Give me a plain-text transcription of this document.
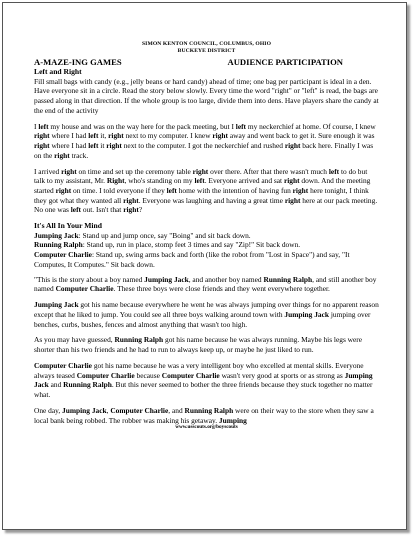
SIMON KENTON COUNCIL, COLUMBUS, OHIO
BUCKEYE DISTRICT
A-MAZE-ING GAMES	AUDIENCE PARTICIPATION
Left and Right

Fill small bags with candy (e.g., jelly beans or hard candy) ahead of time; one bag per participant is ideal in a den. Have everyone sit in a circle. Read the story below slowly. Every time the word "right" or "left" is read, the bags are passed along in that direction. If the whole group is too large, divide them into dens. Have players share the candy at the end of the activity

I left my house and was on the way here for the pack meeting, but I left my neckerchief at home. Of course, I knew right where I had left it, right next to my computer. I knew right away and went back to get it. Sure enough it was right where I had left it right next to the computer. I got the neckerchief and rushed right back here. Finally I was on the right track.

I arrived right on time and set up the ceremony table right over there. After that there wasn't much left to do but talk to my assistant, Mr. Right, who's standing on my left. Everyone arrived and sat right down. And the meeting started right on time. I told everyone if they left home with the intention of having fun right here tonight, I think they got what they wanted all right. Everyone was laughing and having a great time right here at our pack meeting. No one was left out. Isn't that right?

It's All In Your Mind

Jumping Jack: Stand up and jump once, say "Boing" and sit back down.
Running Ralph: Stand up, run in place, stomp feet 3 times and say "Zip!" Sit back down.
Computer Charlie: Stand up, swing arms back and forth (like the robot from "Lost in Space") and say, "It Computes, It Computes." Sit back down.

"This is the story about a boy named Jumping Jack, and another boy named Running Ralph, and still another boy named Computer Charlie. These three boys were close friends and they went everywhere together.

Jumping Jack got his name because everywhere he went he was always jumping over things for no apparent reason except that he liked to jump. You could see all three boys walking around town with Jumping Jack jumping over benches, curbs, bushes, fences and almost anything that wasn't too high.

As you may have guessed, Running Ralph got his name because he was always running. Maybe his legs were shorter than his two friends and he had to run to always keep up, or maybe he just liked to run.

Computer Charlie got his name because he was a very intelligent boy who excelled at mental skills. Everyone always teased Computer Charlie because Computer Charlie wasn't very good at sports or as strong as Jumping Jack and Running Ralph. But this never seemed to bother the three friends because they stuck together no matter what.

One day, Jumping Jack, Computer Charlie, and Running Ralph were on their way to the store when they saw a local bank being robbed. The robber was making his getaway. Jumping

www.usscouts.org/boyscouts
